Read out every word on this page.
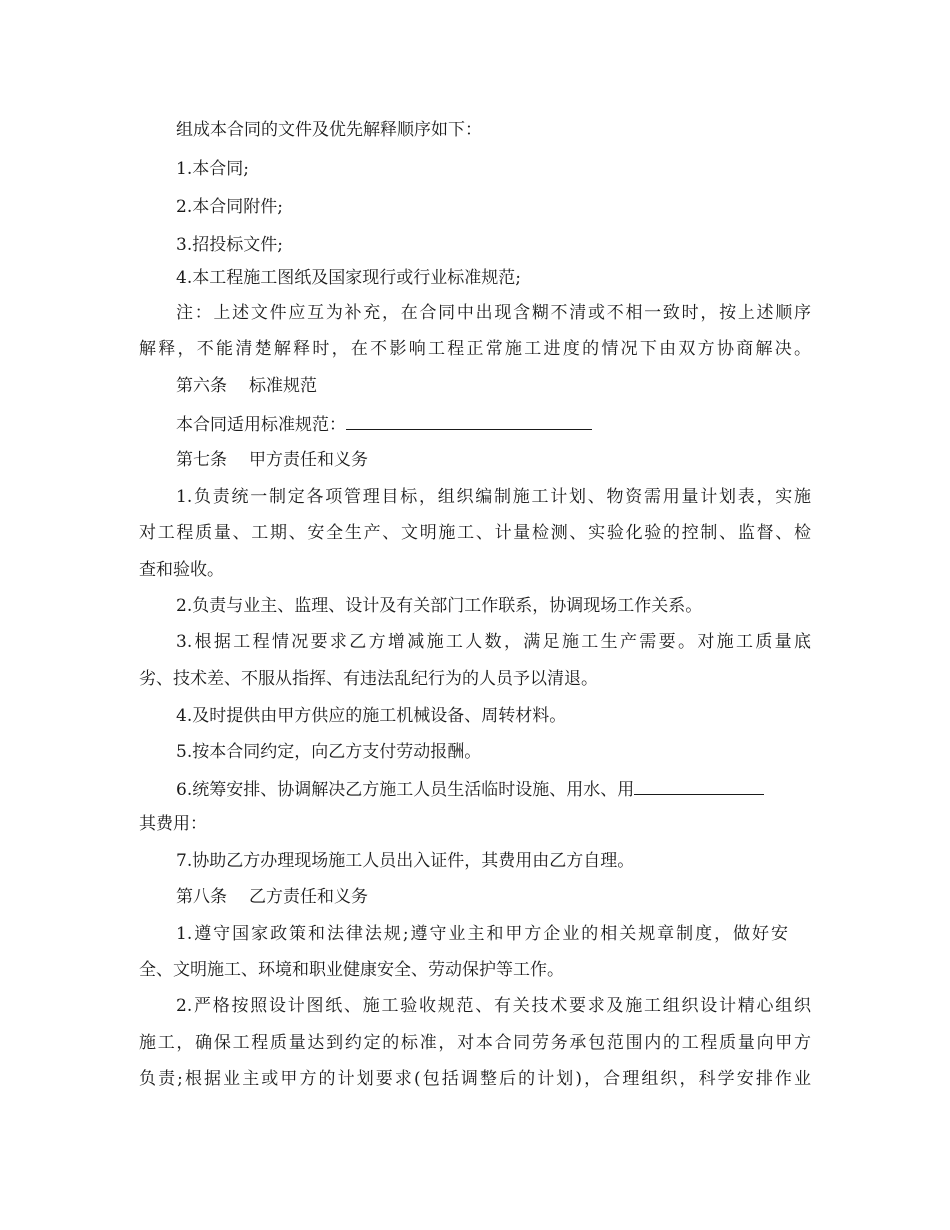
组成本合同的文件及优先解释顺序如下：
1.本合同;
2.本合同附件;
3.招投标文件;
4.本工程施工图纸及国家现行或行业标准规范;
注：上述文件应互为补充，在合同中出现含糊不清或不相一致时，按上述顺序
解释，不能清楚解释时，在不影响工程正常施工进度的情况下由双方协商解决。
第六条 标准规范
本合同适用标准规范：
第七条 甲方责任和义务
1.负责统一制定各项管理目标，组织编制施工计划、物资需用量计划表，实施
对工程质量、工期、安全生产、文明施工、计量检测、实验化验的控制、监督、检
查和验收。
2.负责与业主、监理、设计及有关部门工作联系，协调现场工作关系。
3.根据工程情况要求乙方增减施工人数，满足施工生产需要。对施工质量底
劣、技术差、不服从指挥、有违法乱纪行为的人员予以清退。
4.及时提供由甲方供应的施工机械设备、周转材料。
5.按本合同约定，向乙方支付劳动报酬。
6.统筹安排、协调解决乙方施工人员生活临时设施、用水、用
其费用：
7.协助乙方办理现场施工人员出入证件，其费用由乙方自理。
第八条 乙方责任和义务
1.遵守国家政策和法律法规;遵守业主和甲方企业的相关规章制度，做好安
全、文明施工、环境和职业健康安全、劳动保护等工作。
2.严格按照设计图纸、施工验收规范、有关技术要求及施工组织设计精心组织
施工，确保工程质量达到约定的标准，对本合同劳务承包范围内的工程质量向甲方
负责;根据业主或甲方的计划要求(包括调整后的计划)，合理组织，科学安排作业
